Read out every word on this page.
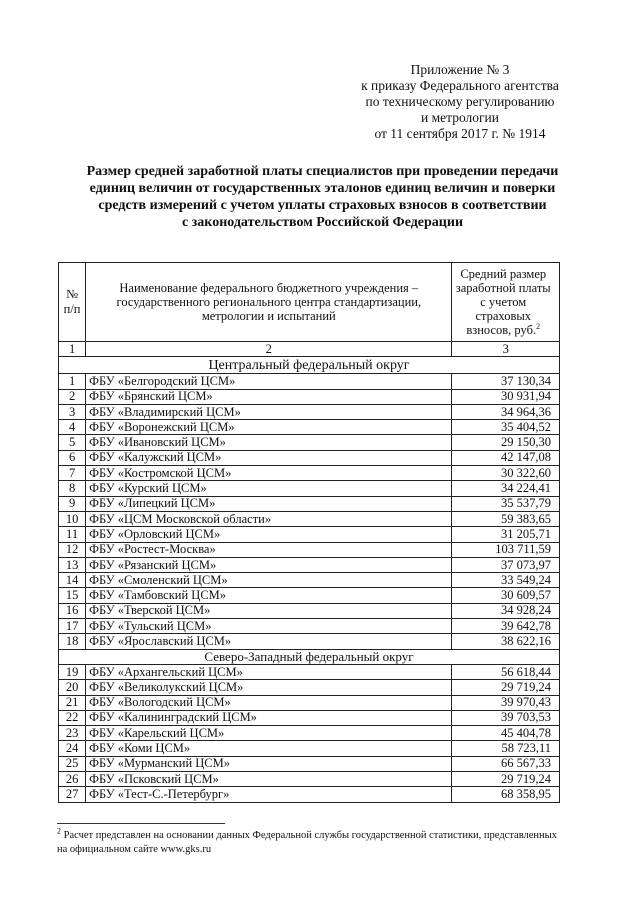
Приложение № 3
к приказу Федерального агентства
по техническому регулированию
и метрологии
от 11 сентября 2017 г. № 1914
Размер средней заработной платы специалистов при проведении передачи
единиц величин от государственных эталонов единиц величин и поверки
средств измерений с учетом уплаты страховых взносов в соответствии
с законодательством Российской Федерации
№ п/п	Наименование федерального бюджетного учреждения – государственного регионального центра стандартизации, метрологии и испытаний	Средний размер заработной платы с учетом страховых взносов, руб.$^2$
1	2	3
Центральный федеральный округ		
1	ФБУ «Белгородский ЦСМ»	37 130,34
2	ФБУ «Брянский ЦСМ»	30 931,94
3	ФБУ «Владимирский ЦСМ»	34 964,36
4	ФБУ «Воронежский ЦСМ»	35 404,52
5	ФБУ «Ивановский ЦСМ»	29 150,30
6	ФБУ «Калужский ЦСМ»	42 147,08
7	ФБУ «Костромской ЦСМ»	30 322,60
8	ФБУ «Курский ЦСМ»	34 224,41
9	ФБУ «Липецкий ЦСМ»	35 537,79
10	ФБУ «ЦСМ Московской области»	59 383,65
11	ФБУ «Орловский ЦСМ»	31 205,71
12	ФБУ «Ростест-Москва»	103 711,59
13	ФБУ «Рязанский ЦСМ»	37 073,97
14	ФБУ «Смоленский ЦСМ»	33 549,24
15	ФБУ «Тамбовский ЦСМ»	30 609,57
16	ФБУ «Тверской ЦСМ»	34 928,24
17	ФБУ «Тульский ЦСМ»	39 642,78
18	ФБУ «Ярославский ЦСМ»	38 622,16
Северо-Западный федеральный округ		
19	ФБУ «Архангельский ЦСМ»	56 618,44
20	ФБУ «Великолукский ЦСМ»	29 719,24
21	ФБУ «Вологодский ЦСМ»	39 970,43
22	ФБУ «Калининградский ЦСМ»	39 703,53
23	ФБУ «Карельский ЦСМ»	45 404,78
24	ФБУ «Коми ЦСМ»	58 723,11
25	ФБУ «Мурманский ЦСМ»	66 567,33
26	ФБУ «Псковский ЦСМ»	29 719,24
27	ФБУ «Тест-С.-Петербург»	68 358,95
$^2$ Расчет представлен на основании данных Федеральной службы государственной статистики, представленных
на официальном сайте www.gks.ru
